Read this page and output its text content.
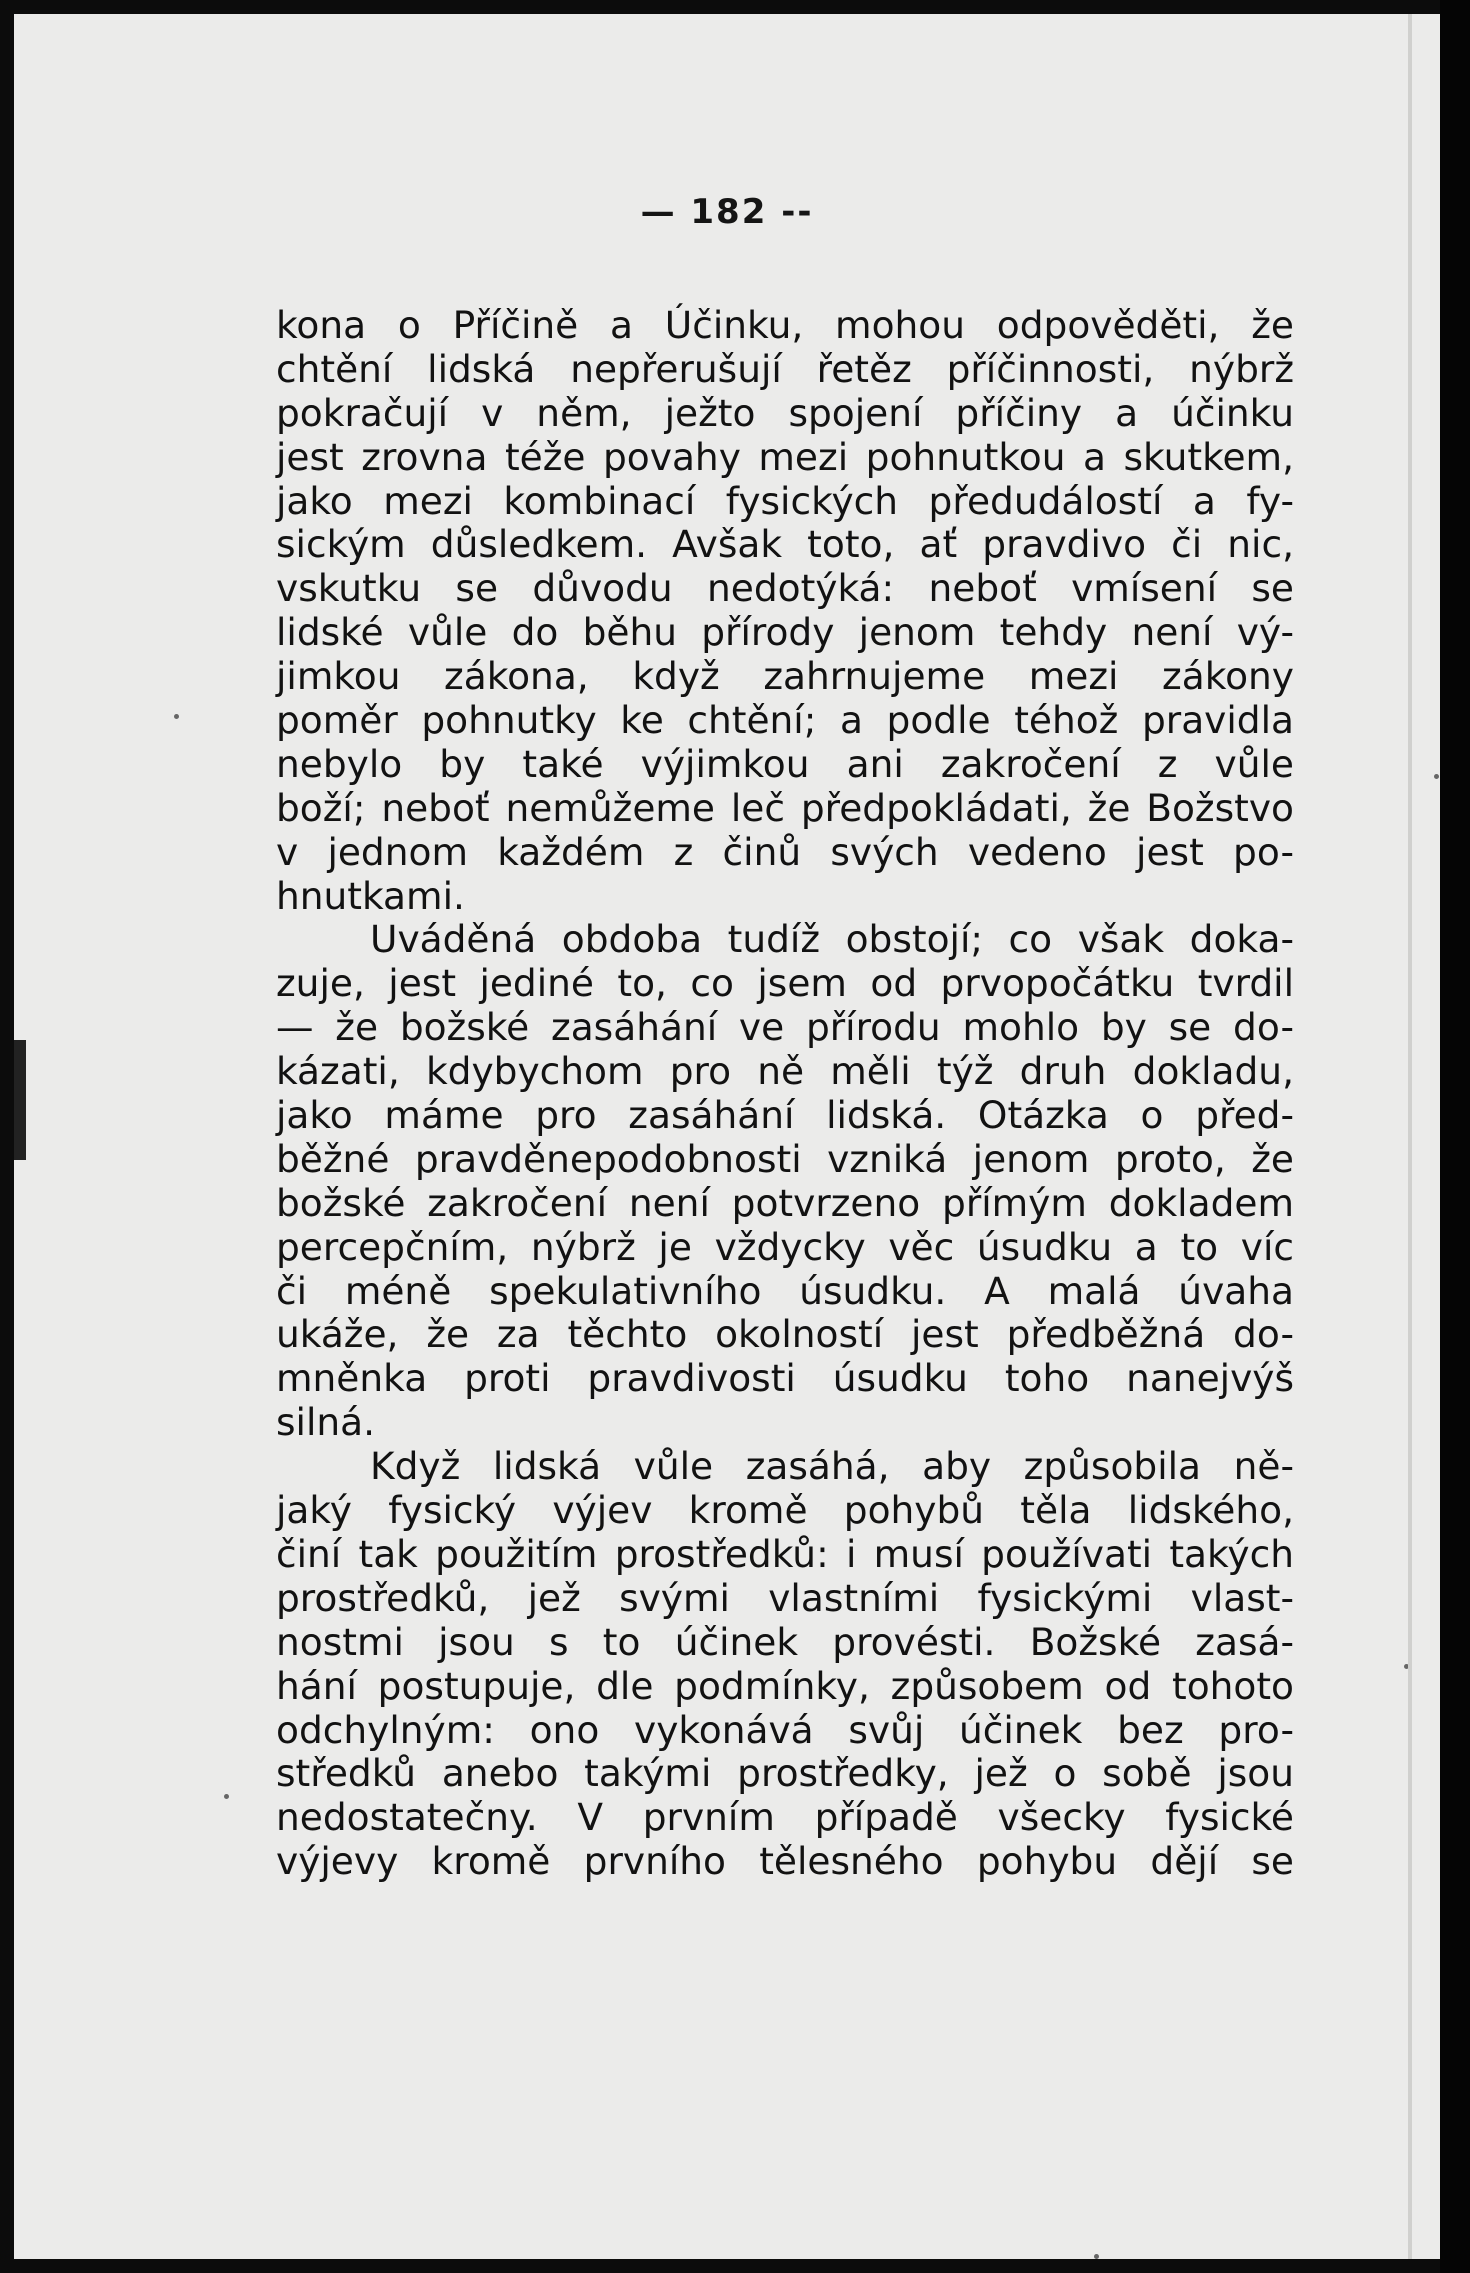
— 182 --
kona o Příčině a Účinku, mohou odpověděti, že
chtění lidská nepřerušují řetěz příčinnosti, nýbrž
pokračují v něm, ježto spojení příčiny a účinku
jest zrovna téže povahy mezi pohnutkou a skutkem,
jako mezi kombinací fysických předudálostí a fy-
sickým důsledkem. Avšak toto, ať pravdivo či nic,
vskutku se důvodu nedotýká: neboť vmísení se
lidské vůle do běhu přírody jenom tehdy není vý-
jimkou zákona, když zahrnujeme mezi zákony
poměr pohnutky ke chtění; a podle téhož pravidla
nebylo by také výjimkou ani zakročení z vůle
boží; neboť nemůžeme leč předpokládati, že Božstvo
v jednom každém z činů svých vedeno jest po-
hnutkami.
Uváděná obdoba tudíž obstojí; co však doka-
zuje, jest jediné to, co jsem od prvopočátku tvrdil
— že božské zasáhání ve přírodu mohlo by se do-
kázati, kdybychom pro ně měli týž druh dokladu,
jako máme pro zasáhání lidská. Otázka o před-
běžné pravděnepodobnosti vzniká jenom proto, že
božské zakročení není potvrzeno přímým dokladem
percepčním, nýbrž je vždycky věc úsudku a to víc
či méně spekulativního úsudku. A malá úvaha
ukáže, že za těchto okolností jest předběžná do-
mněnka proti pravdivosti úsudku toho nanejvýš
silná.
Když lidská vůle zasáhá, aby způsobila ně-
jaký fysický výjev kromě pohybů těla lidského,
činí tak použitím prostředků: i musí používati takých
prostředků, jež svými vlastními fysickými vlast-
nostmi jsou s to účinek provésti. Božské zasá-
hání postupuje, dle podmínky, způsobem od tohoto
odchylným: ono vykonává svůj účinek bez pro-
středků anebo takými prostředky, jež o sobě jsou
nedostatečny. V prvním případě všecky fysické
výjevy kromě prvního tělesného pohybu dějí se
